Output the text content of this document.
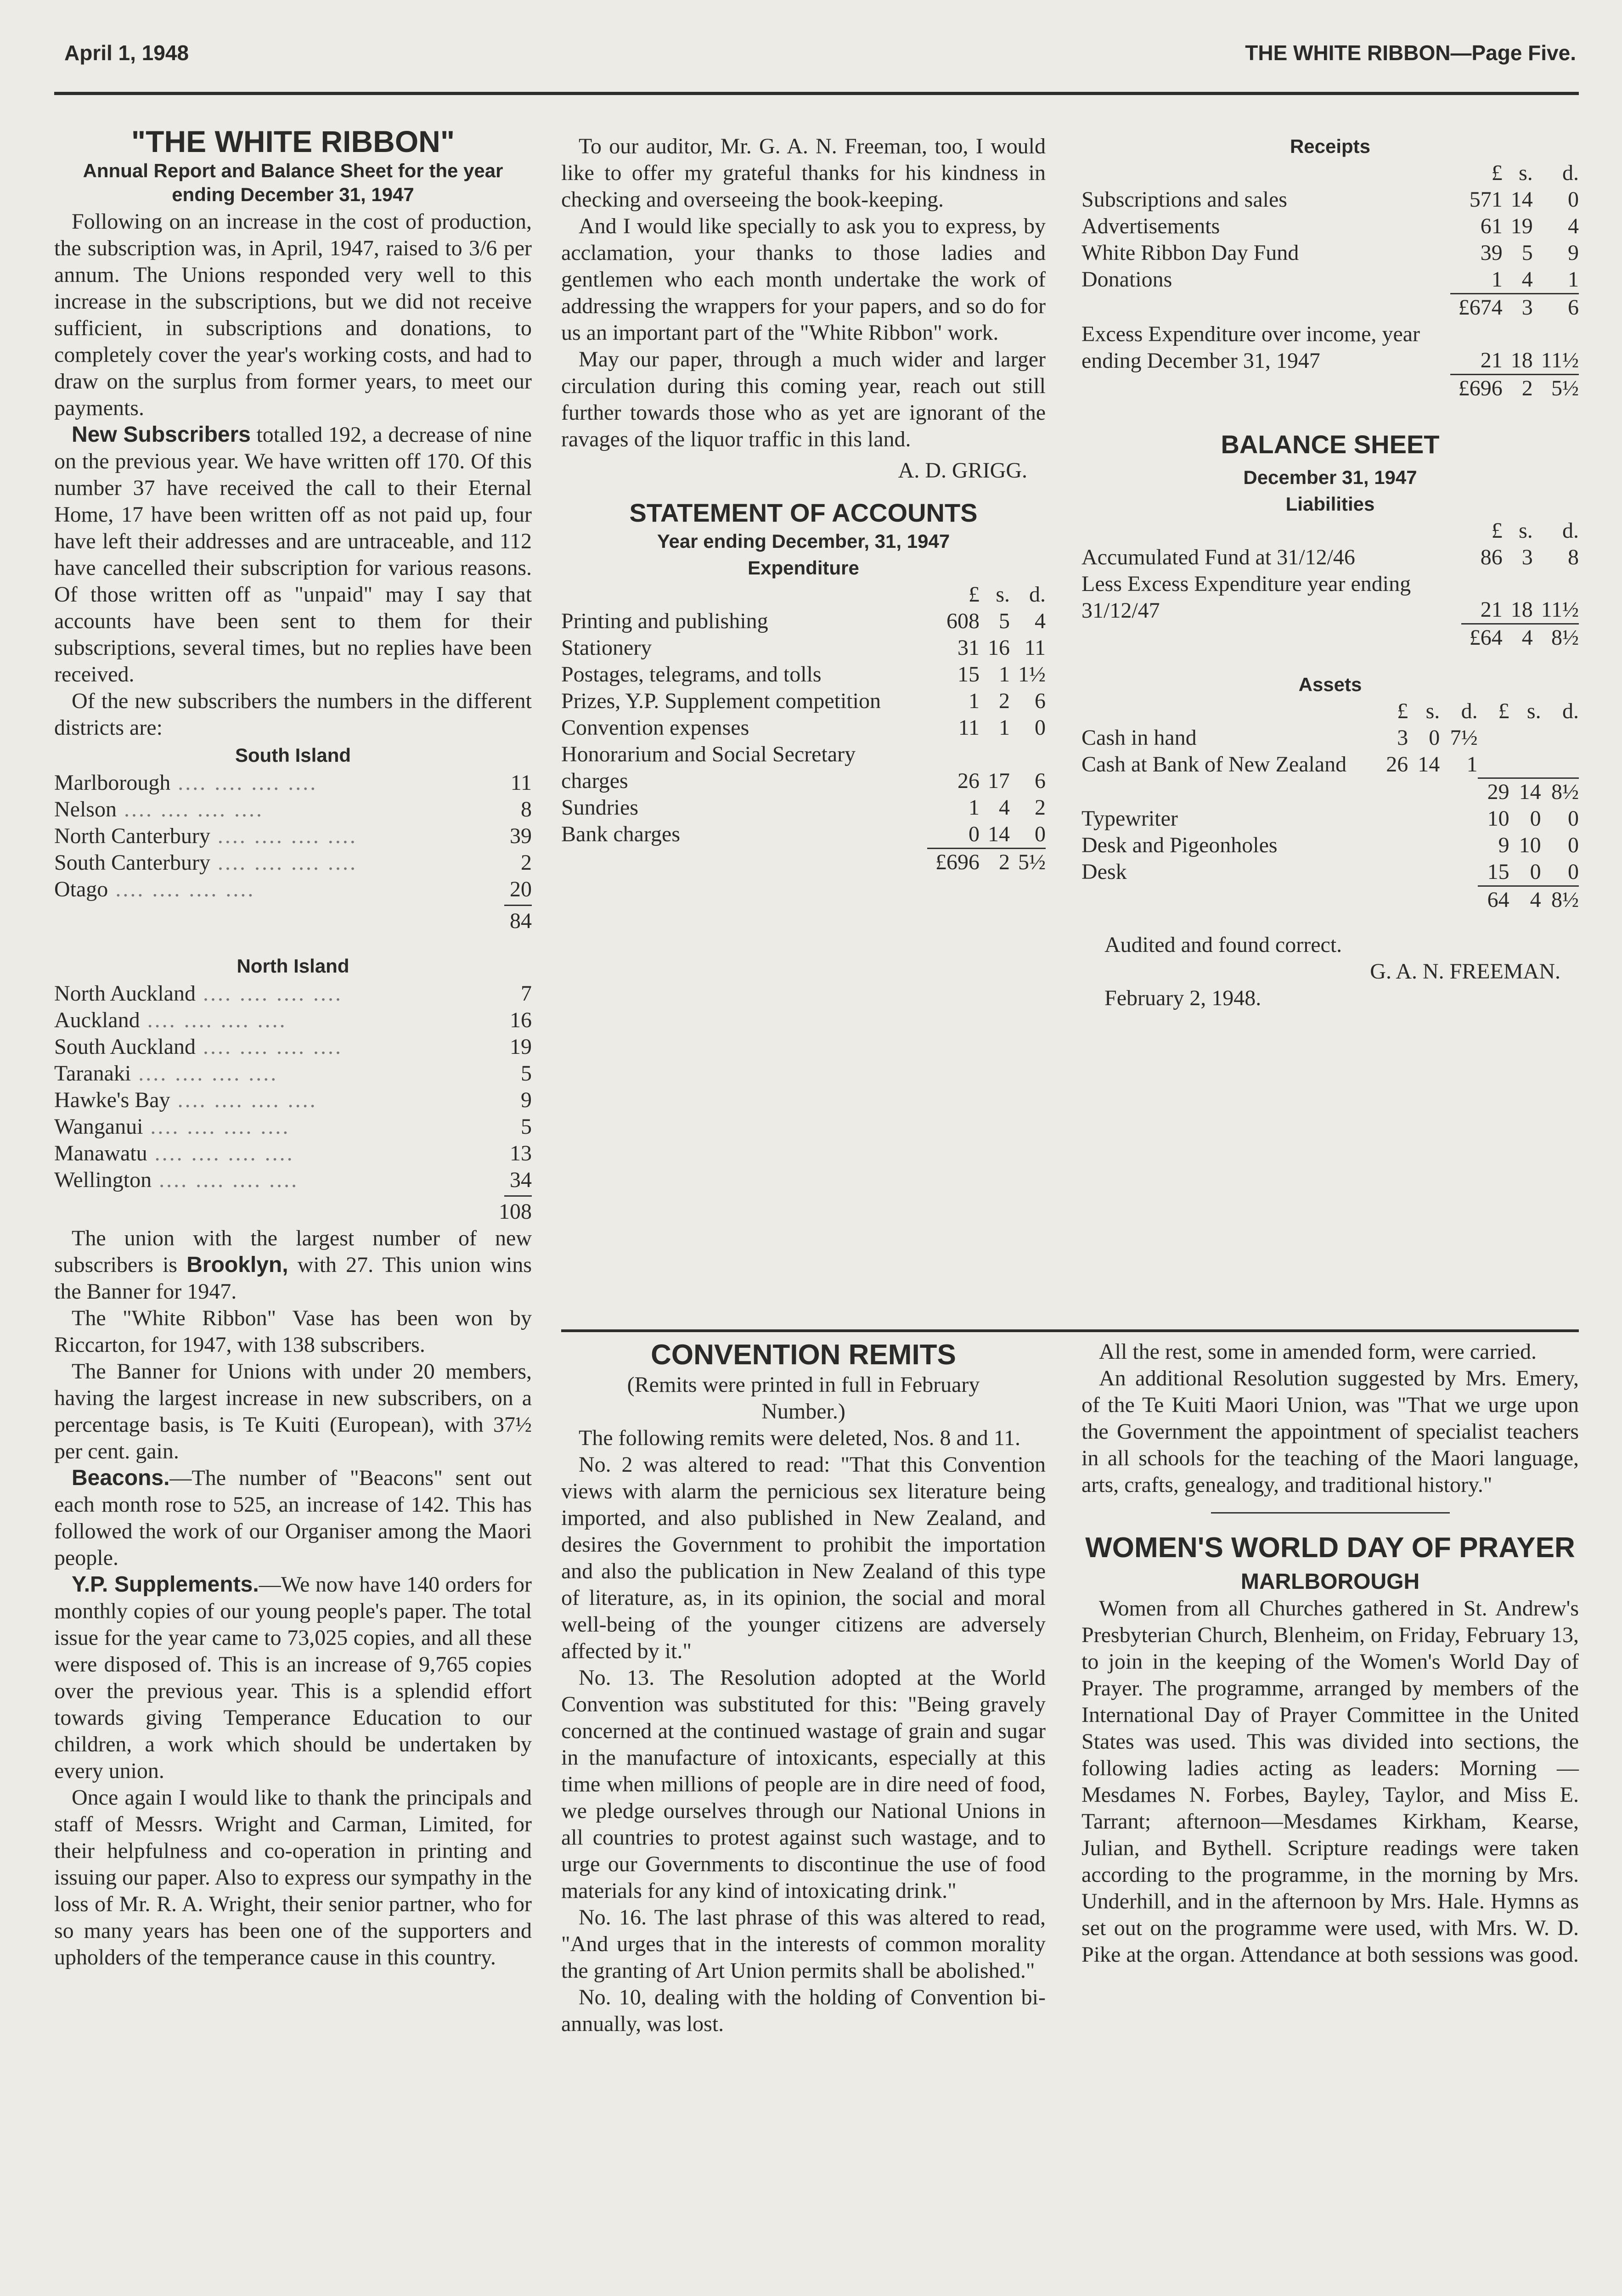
April 1, 1948	THE WHITE RIBBON—Page Five.
"THE WHITE RIBBON"
Annual Report and Balance Sheet for the year ending December 31, 1947

Following on an increase in the cost of production, the subscription was, in April, 1947, raised to 3/6 per annum. The Unions responded very well to this increase in the subscriptions, but we did not receive sufficient, in subscriptions and donations, to completely cover the year's working costs, and had to draw on the surplus from former years, to meet our payments.

New Subscribers totalled 192, a decrease of nine on the previous year. We have written off 170. Of this number 37 have received the call to their Eternal Home, 17 have been written off as not paid up, four have left their addresses and are untraceable, and 112 have cancelled their subscription for various reasons. Of those written off as "unpaid" may I say that accounts have been sent to them for their subscriptions, several times, but no replies have been received.

Of the new subscribers the numbers in the different districts are:

South Island
Marlborough .... .... .... ....	11
Nelson .... .... .... ....	8
North Canterbury .... .... .... ....	39
South Canterbury .... .... .... ....	2
Otago .... .... .... ....	20
84
North Island
North Auckland .... .... .... ....	7
Auckland .... .... .... ....	16
South Auckland .... .... .... ....	19
Taranaki .... .... .... ....	5
Hawke's Bay .... .... .... ....	9
Wanganui .... .... .... ....	5
Manawatu .... .... .... ....	13
Wellington .... .... .... ....	34
108

The union with the largest number of new subscribers is Brooklyn, with 27. This union wins the Banner for 1947.

The "White Ribbon" Vase has been won by Riccarton, for 1947, with 138 subscribers.

The Banner for Unions with under 20 members, having the largest increase in new subscribers, on a percentage basis, is Te Kuiti (European), with 37½ per cent. gain.

Beacons.—The number of "Beacons" sent out each month rose to 525, an increase of 142. This has followed the work of our Organiser among the Maori people.

Y.P. Supplements.—We now have 140 orders for monthly copies of our young people's paper. The total issue for the year came to 73,025 copies, and all these were disposed of. This is an increase of 9,765 copies over the previous year. This is a splendid effort towards giving Temperance Education to our children, a work which should be undertaken by every union.

Once again I would like to thank the principals and staff of Messrs. Wright and Carman, Limited, for their helpfulness and co-operation in printing and issuing our paper. Also to express our sympathy in the loss of Mr. R. A. Wright, their senior partner, who for so many years has been one of the supporters and upholders of the temperance cause in this country.

To our auditor, Mr. G. A. N. Freeman, too, I would like to offer my grateful thanks for his kindness in checking and overseeing the book-keeping.

And I would like specially to ask you to express, by acclamation, your thanks to those ladies and gentlemen who each month undertake the work of addressing the wrappers for your papers, and so do for us an important part of the "White Ribbon" work.

May our paper, through a much wider and larger circulation during this coming year, reach out still further towards those who as yet are ignorant of the ravages of the liquor traffic in this land.

A. D. GRIGG.
STATEMENT OF ACCOUNTS
Year ending December, 31, 1947
Expenditure
	£	s.	d.
Printing and publishing	608	5	4
Stationery	31	16	11
Postages, telegrams, and tolls	15	1	1½
Prizes, Y.P. Supplement competition	1	2	6
Convention expenses	11	1	0
Honorarium and Social Secretary charges	26	17	6
Sundries	1	4	2
Bank charges	0	14	0
	£696	2	5½
CONVENTION REMITS
(Remits were printed in full in February Number.)

The following remits were deleted, Nos. 8 and 11.

No. 2 was altered to read: "That this Convention views with alarm the pernicious sex literature being imported, and also published in New Zealand, and desires the Government to prohibit the importation and also the publication in New Zealand of this type of literature, as, in its opinion, the social and moral well-being of the younger citizens are adversely affected by it."

No. 13. The Resolution adopted at the World Convention was substituted for this: "Being gravely concerned at the continued wastage of grain and sugar in the manufacture of intoxicants, especially at this time when millions of people are in dire need of food, we pledge ourselves through our National Unions in all countries to protest against such wastage, and to urge our Governments to discontinue the use of food materials for any kind of intoxicating drink."

No. 16. The last phrase of this was altered to read, "And urges that in the interests of common morality the granting of Art Union permits shall be abolished."

No. 10, dealing with the holding of Convention bi-annually, was lost.

Receipts
	£	s.	d.
Subscriptions and sales	571	14	0
Advertisements	61	19	4
White Ribbon Day Fund	39	5	9
Donations	1	4	1
	£674	3	6
Excess Expenditure over income, year ending December 31, 1947	21	18	11½
	£696	2	5½
BALANCE SHEET
December 31, 1947
Liabilities
	£	s.	d.
Accumulated Fund at 31/12/46	86	3	8
Less Excess Expenditure year ending 31/12/47	21	18	11½
	£64	4	8½
Assets
	£	s.	d.	£	s.	d.
Cash in hand	3	0	7½			
Cash at Bank of New Zealand	26	14	1			
				29	14	8½
Typewriter				10	0	0
Desk and Pigeonholes				9	10	0
Desk				15	0	0
				64	4	8½
Audited and found correct.
G. A. N. FREEMAN.
February 2, 1948.

All the rest, some in amended form, were carried.

An additional Resolution suggested by Mrs. Emery, of the Te Kuiti Maori Union, was "That we urge upon the Government the appointment of specialist teachers in all schools for the teaching of the Maori language, arts, crafts, genealogy, and traditional history."

WOMEN'S WORLD DAY OF PRAYER
MARLBOROUGH

Women from all Churches gathered in St. Andrew's Presbyterian Church, Blenheim, on Friday, February 13, to join in the keeping of the Women's World Day of Prayer. The programme, arranged by members of the International Day of Prayer Committee in the United States was used. This was divided into sections, the following ladies acting as leaders: Morning — Mesdames N. Forbes, Bayley, Taylor, and Miss E. Tarrant; afternoon—Mesdames Kirkham, Kearse, Julian, and Bythell. Scripture readings were taken according to the programme, in the morning by Mrs. Underhill, and in the afternoon by Mrs. Hale. Hymns as set out on the programme were used, with Mrs. W. D. Pike at the organ. Attendance at both sessions was good.
